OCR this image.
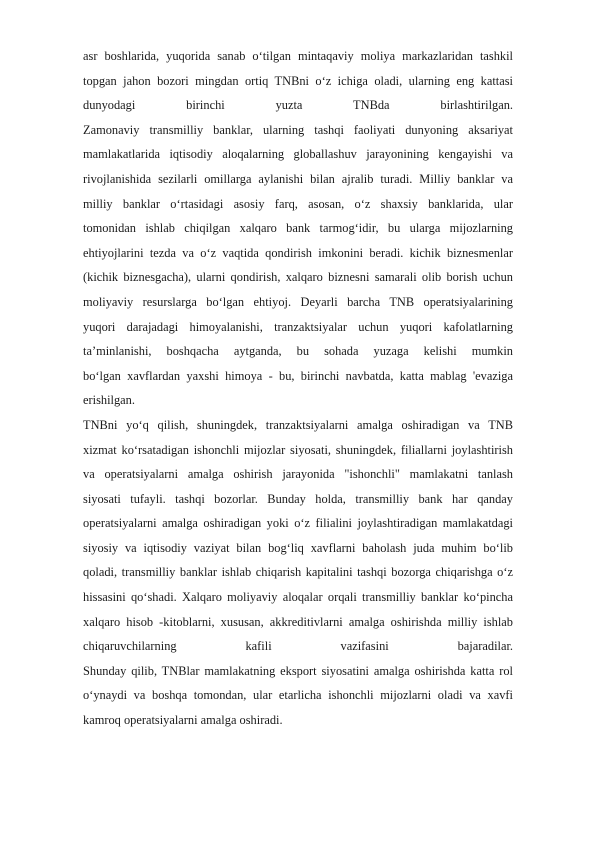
asr boshlarida, yuqorida sanab o‘tilgan mintaqaviy moliya markazlaridan tashkil
topgan jahon bozori mingdan ortiq TNBni o‘z ichiga oladi, ularning eng kattasi
dunyodagi birinchi yuzta TNBda birlashtirilgan.
Zamonaviy transmilliy banklar, ularning tashqi faoliyati dunyoning aksariyat
mamlakatlarida iqtisodiy aloqalarning globallashuv jarayonining kengayishi va
rivojlanishida sezilarli omillarga aylanishi bilan ajralib turadi. Milliy banklar va
milliy banklar o‘rtasidagi asosiy farq, asosan, o‘z shaxsiy banklarida, ular
tomonidan ishlab chiqilgan xalqaro bank tarmog‘idir, bu ularga mijozlarning
ehtiyojlarini tezda va o‘z vaqtida qondirish imkonini beradi. kichik biznesmenlar
(kichik biznesgacha), ularni qondirish, xalqaro biznesni samarali olib borish uchun
moliyaviy resurslarga bo‘lgan ehtiyoj. Deyarli barcha TNB operatsiyalarining
yuqori darajadagi himoyalanishi, tranzaktsiyalar uchun yuqori kafolatlarning
ta’minlanishi, boshqacha aytganda, bu sohada yuzaga kelishi mumkin
bo‘lgan xavflardan yaxshi himoya - bu, birinchi navbatda, katta mablag 'evaziga
erishilgan.
TNBni yo‘q qilish, shuningdek, tranzaktsiyalarni amalga oshiradigan va TNB
xizmat ko‘rsatadigan ishonchli mijozlar siyosati, shuningdek, filiallarni joylashtirish
va operatsiyalarni amalga oshirish jarayonida "ishonchli" mamlakatni tanlash
siyosati tufayli. tashqi bozorlar. Bunday holda, transmilliy bank har qanday
operatsiyalarni amalga oshiradigan yoki o‘z filialini joylashtiradigan mamlakatdagi
siyosiy va iqtisodiy vaziyat bilan bog‘liq xavflarni baholash juda muhim bo‘lib
qoladi, transmilliy banklar ishlab chiqarish kapitalini tashqi bozorga chiqarishga o‘z
hissasini qo‘shadi. Xalqaro moliyaviy aloqalar orqali transmilliy banklar ko‘pincha
xalqaro hisob -kitoblarni, xususan, akkreditivlarni amalga oshirishda milliy ishlab
chiqaruvchilarning kafili vazifasini bajaradilar.
Shunday qilib, TNBlar mamlakatning eksport siyosatini amalga oshirishda katta rol
o‘ynaydi va boshqa tomondan, ular etarlicha ishonchli mijozlarni oladi va xavfi
kamroq operatsiyalarni amalga oshiradi.
